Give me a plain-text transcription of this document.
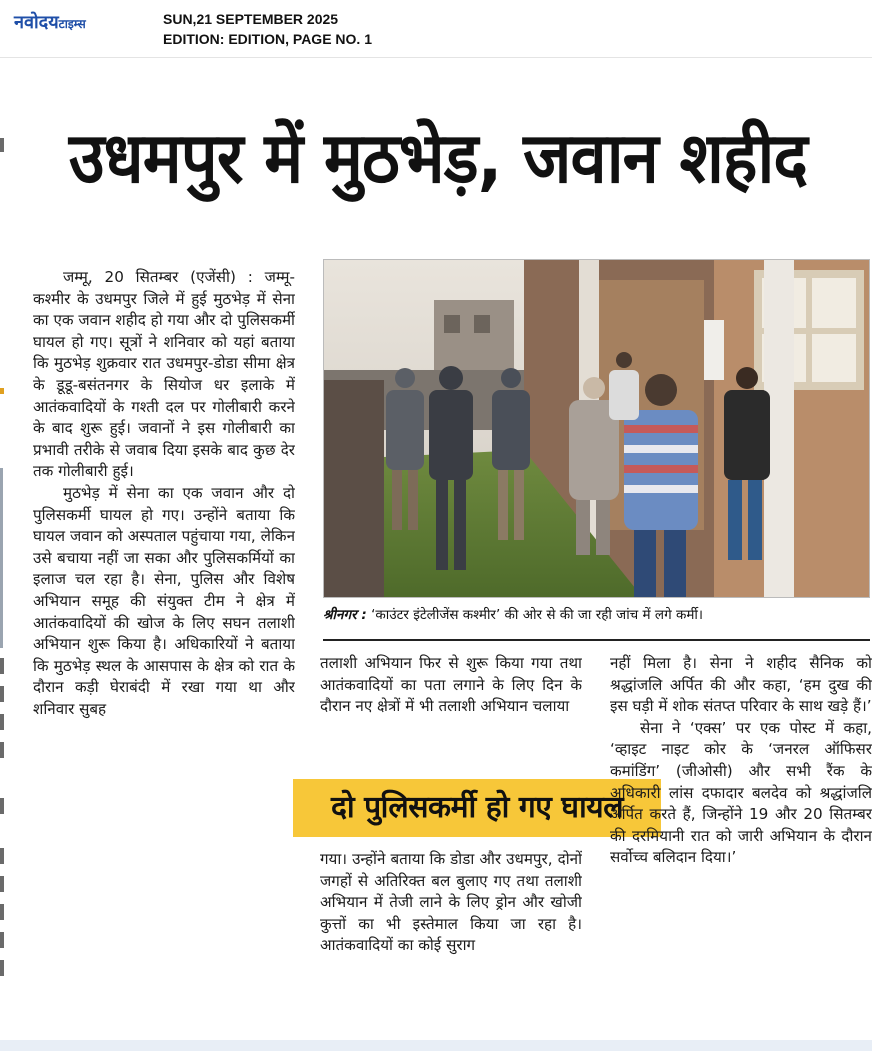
नवोदयटाइम्स	SUN,21 SEPTEMBER 2025
EDITION: EDITION, PAGE NO. 1
उधमपुर में मुठभेड़, जवान शहीद
श्रीनगर : ‘काउंटर इंटेलीजेंस कश्मीर’ की ओर से की जा रही जांच में लगे कर्मी।

जम्मू, 20 सितम्बर (एजेंसी) : जम्मू-कश्मीर के उधमपुर जिले में हुई मुठभेड़ में सेना का एक जवान शहीद हो गया और दो पुलिसकर्मी घायल हो गए। सूत्रों ने शनिवार को यहां बताया कि मुठभेड़ शुक्रवार रात उधमपुर-डोडा सीमा क्षेत्र के डूडू-बसंतनगर के सियोज धर इलाके में आतंकवादियों के गश्ती दल पर गोलीबारी करने के बाद शुरू हुई। जवानों ने इस गोलीबारी का प्रभावी तरीके से जवाब दिया इसके बाद कुछ देर तक गोलीबारी हुई।

मुठभेड़ में सेना का एक जवान और दो पुलिसकर्मी घायल हो गए। उन्होंने बताया कि घायल जवान को अस्पताल पहुंचाया गया, लेकिन उसे बचाया नहीं जा सका और पुलिसकर्मियों का इलाज चल रहा है। सेना, पुलिस और विशेष अभियान समूह की संयुक्त टीम ने क्षेत्र में आतंकवादियों की खोज के लिए सघन तलाशी अभियान शुरू किया है। अधिकारियों ने बताया कि मुठभेड़ स्थल के आसपास के क्षेत्र को रात के दौरान कड़ी घेराबंदी में रखा गया था और शनिवार सुबह

तलाशी अभियान फिर से शुरू किया गया तथा आतंकवादियों का पता लगाने के लिए दिन के दौरान नए क्षेत्रों में भी तलाशी अभियान चलाया
दो पुलिसकर्मी हो गए घायल
गया। उन्होंने बताया कि डोडा और उधमपुर, दोनों जगहों से अतिरिक्त बल बुलाए गए तथा तलाशी अभियान में तेजी लाने के लिए ड्रोन और खोजी कुत्तों का भी इस्तेमाल किया जा रहा है। आतंकवादियों का कोई सुराग

नहीं मिला है। सेना ने शहीद सैनिक को श्रद्धांजलि अर्पित की और कहा, ‘हम दुख की इस घड़ी में शोक संतप्त परिवार के साथ खड़े हैं।’

सेना ने ‘एक्स’ पर एक पोस्ट में कहा, ‘व्हाइट नाइट कोर के ‘जनरल ऑफिसर कमांडिंग’ (जीओसी) और सभी रैंक के अधिकारी लांस दफादार बलदेव को श्रद्धांजलि अर्पित करते हैं, जिन्होंने 19 और 20 सितम्बर की दरमियानी रात को जारी अभियान के दौरान सर्वोच्च बलिदान दिया।’
